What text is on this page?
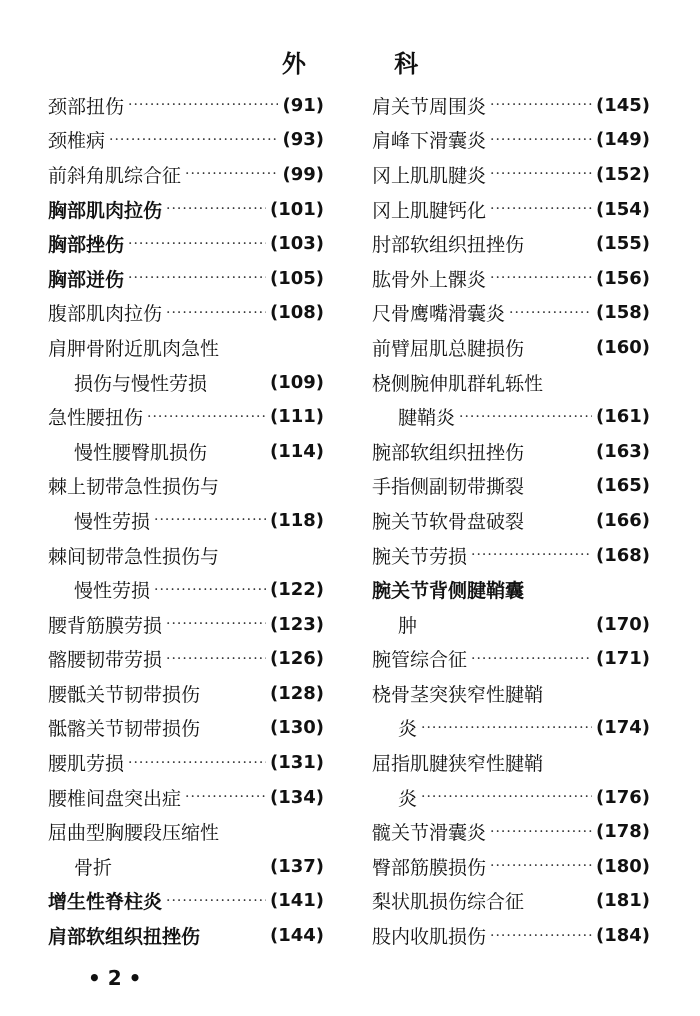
外 科
颈部扭伤 ·····	(91)
颈椎病 ·····	(93)
前斜角肌综合征 ·····	(99)
胸部肌肉拉伤 ·····	(101)
胸部挫伤 ·····	(103)
胸部迸伤 ·····	(105)
腹部肌肉拉伤 ·····	(108)
肩胛骨附近肌肉急性
损伤与慢性劳损	(109)
急性腰扭伤 ·····	(111)
慢性腰臀肌损伤	(114)
棘上韧带急性损伤与
慢性劳损 ·····	(118)
棘间韧带急性损伤与
慢性劳损 ·····	(122)
腰背筋膜劳损 ·····	(123)
髂腰韧带劳损 ·····	(126)
腰骶关节韧带损伤	(128)
骶髂关节韧带损伤	(130)
腰肌劳损 ·····	(131)
腰椎间盘突出症 ·····	(134)
屈曲型胸腰段压缩性
骨折	(137)
增生性脊柱炎 ·····	(141)
肩部软组织扭挫伤	(144)
肩关节周围炎 ·····	(145)
肩峰下滑囊炎 ·····	(149)
冈上肌肌腱炎 ·····	(152)
冈上肌腱钙化 ·····	(154)
肘部软组织扭挫伤	(155)
肱骨外上髁炎 ·····	(156)
尺骨鹰嘴滑囊炎 ·····	(158)
前臂屈肌总腱损伤	(160)
桡侧腕伸肌群轧轹性
腱鞘炎 ·····	(161)
腕部软组织扭挫伤	(163)
手指侧副韧带撕裂	(165)
腕关节软骨盘破裂	(166)
腕关节劳损 ·····	(168)
腕关节背侧腱鞘囊
肿	(170)
腕管综合征 ·····	(171)
桡骨茎突狭窄性腱鞘
炎 ·····	(174)
屈指肌腱狭窄性腱鞘
炎 ·····	(176)
髋关节滑囊炎 ·····	(178)
臀部筋膜损伤 ·····	(180)
梨状肌损伤综合征	(181)
股内收肌损伤 ·····	(184)
• 2 •
